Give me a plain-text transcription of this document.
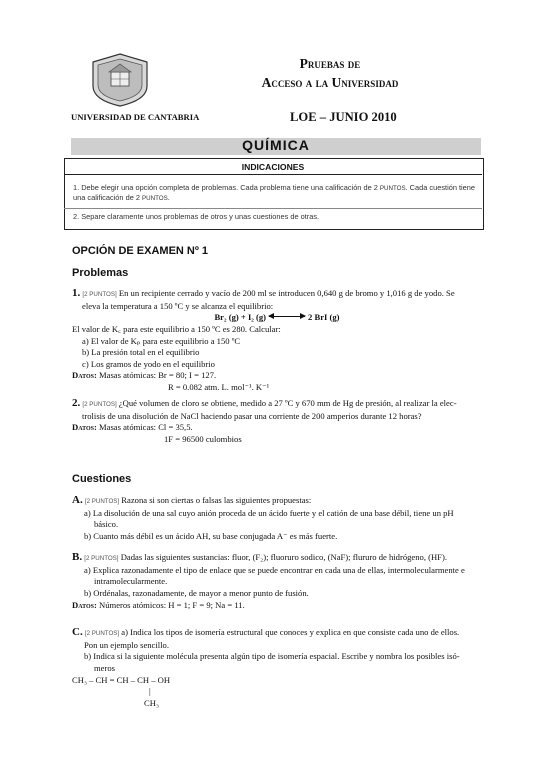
UNIVERSIDAD DE CANTABRIA
Pruebas de
Acceso a la Universidad
LOE – JUNIO 2010
QUÍMICA
INDICACIONES
1. Debe elegir una opción completa de problemas. Cada problema tiene una calificación de 2 PUNTOS. Cada cuestión tiene una calificación de 2 PUNTOS.
2. Separe claramente unos problemas de otros y unas cuestiones de otras.
OPCIÓN DE EXAMEN Nº 1
Problemas

1. [2 PUNTOS] En un recipiente cerrado y vacío de 200 ml se introducen 0,640 g de bromo y 1,016 g de yodo. Se

eleva la temperatura a 150 ºC y se alcanza el equilibrio:

Br₂ (g) + I₂ (g)	2 BrI (g)

El valor de K꜀ para este equilibrio a 150 ºC es 280. Calcular:

a) El valor de Kₚ para este equilibrio a 150 ºC

b) La presión total en el equilibrio

c) Los gramos de yodo en el equilibrio

Datos: Masas atómicas: Br = 80; I = 127.

R = 0.082 atm. L. mol⁻¹. K⁻¹

2. [2 PUNTOS] ¿Qué volumen de cloro se obtiene, medido a 27 ºC y 670 mm de Hg de presión, al realizar la elec-

trolisis de una disolución de NaCl haciendo pasar una corriente de 200 amperios durante 12 horas?

Datos: Masas atómicas: Cl = 35,5.

1F = 96500 culombios

Cuestiones

A. [2 PUNTOS] Razona si son ciertas o falsas las siguientes propuestas:

a) La disolución de una sal cuyo anión proceda de un ácido fuerte y el catión de una base débil, tiene un pH

básico.

b) Cuanto más débil es un ácido AH, su base conjugada A⁻ es más fuerte.

B. [2 PUNTOS] Dadas las siguientes sustancias: fluor, (F₂); fluoruro sodico, (NaF); flururo de hidrógeno, (HF).

a) Explica razonadamente el tipo de enlace que se puede encontrar en cada una de ellas, intermolecularmente e

intramolecularmente.

b) Ordénalas, razonadamente, de mayor a menor punto de fusión.

Datos: Números atómicos: H = 1; F = 9; Na = 11.

C. [2 PUNTOS] a) Indica los tipos de isomería estructural que conoces y explica en que consiste cada uno de ellos.

Pon un ejemplo sencillo.

b) Indica si la siguiente molécula presenta algún tipo de isomería espacial. Escribe y nombra los posibles isó-

meros

CH₃ – CH = CH – CH – OH

|

CH₃
